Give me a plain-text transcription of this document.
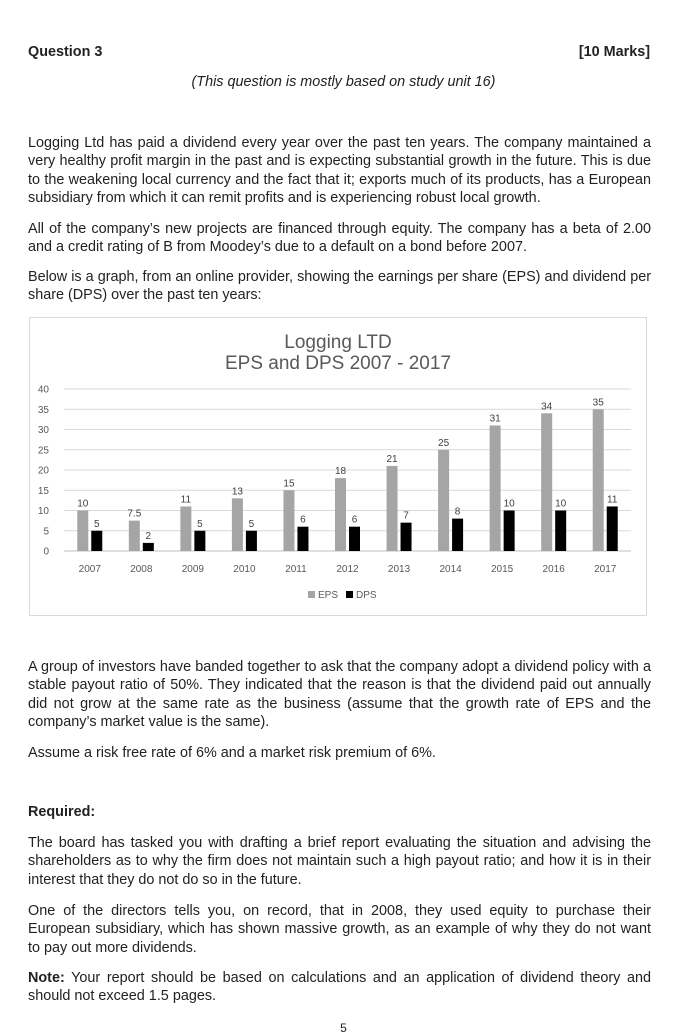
Question 3	[10 Marks]
(This question is mostly based on study unit 16)

Logging Ltd has paid a dividend every year over the past ten years. The company maintained a very healthy profit margin in the past and is expecting substantial growth in the future. This is due to the weakening local currency and the fact that it; exports much of its products, has a European subsidiary from which it can remit profits and is experiencing robust local growth.

All of the company’s new projects are financed through equity. The company has a beta of 2.00 and a credit rating of B from Moodey’s due to a default on a bond before 2007.

Below is a graph, from an online provider, showing the earnings per share (EPS) and dividend per share (DPS) over the past ten years:

Logging LTD
EPS and DPS 2007 - 2017
0
5
10
15
20
25
30
35
40
10
5
7.5
2
11
5
13
5
15
6
18
6
21
7
25
8
31
10
34
10
35
11
2007	2008	2009	2010	2011	2012	2013	2014	2015	2016	2017
EPS DPS

A group of investors have banded together to ask that the company adopt a dividend policy with a stable payout ratio of 50%. They indicated that the reason is that the dividend paid out annually did not grow at the same rate as the business (assume that the growth rate of EPS and the company’s market value is the same).

Assume a risk free rate of 6% and a market risk premium of 6%.

Required:

The board has tasked you with drafting a brief report evaluating the situation and advising the shareholders as to why the firm does not maintain such a high payout ratio; and how it is in their interest that they do not do so in the future.

One of the directors tells you, on record, that in 2008, they used equity to purchase their European subsidiary, which has shown massive growth, as an example of why they do not want to pay out more dividends.

Note: Your report should be based on calculations and an application of dividend theory and should not exceed 1.5 pages.

5
